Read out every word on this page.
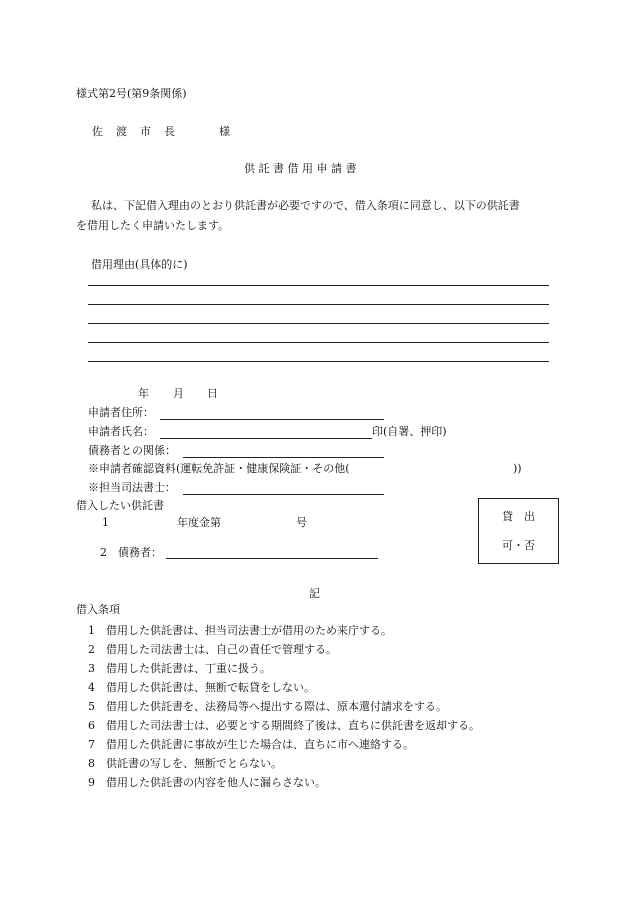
様式第2号(第9条関係)
佐　渡　市　長	様
供 託 書 借 用 申 請 書
私は、下記借入理由のとおり供託書が必要ですので、借入条項に同意し、以下の供託書
を借用したく申請いたします。
借用理由(具体的に)
年 月 日
申請者住所：
申請者氏名：	印(自署、押印)
債務者との関係：
※申請者確認資料(運転免許証・健康保険証・その他(	))
※担当司法書士：
借入したい供託書
1	年度金第	号
2　債務者：
貸　出
可・否
記
借入条項
1　借用した供託書は、担当司法書士が借用のため来庁する。
2　借用した司法書士は、自己の責任で管理する。
3　借用した供託書は、丁重に扱う。
4　借用した供託書は、無断で転貸をしない。
5　借用した供託書を、法務局等へ提出する際は、原本還付請求をする。
6　借用した司法書士は、必要とする期間終了後は、直ちに供託書を返却する。
7　借用した供託書に事故が生じた場合は、直ちに市へ連絡する。
8　供託書の写しを、無断でとらない。
9　借用した供託書の内容を他人に漏らさない。
